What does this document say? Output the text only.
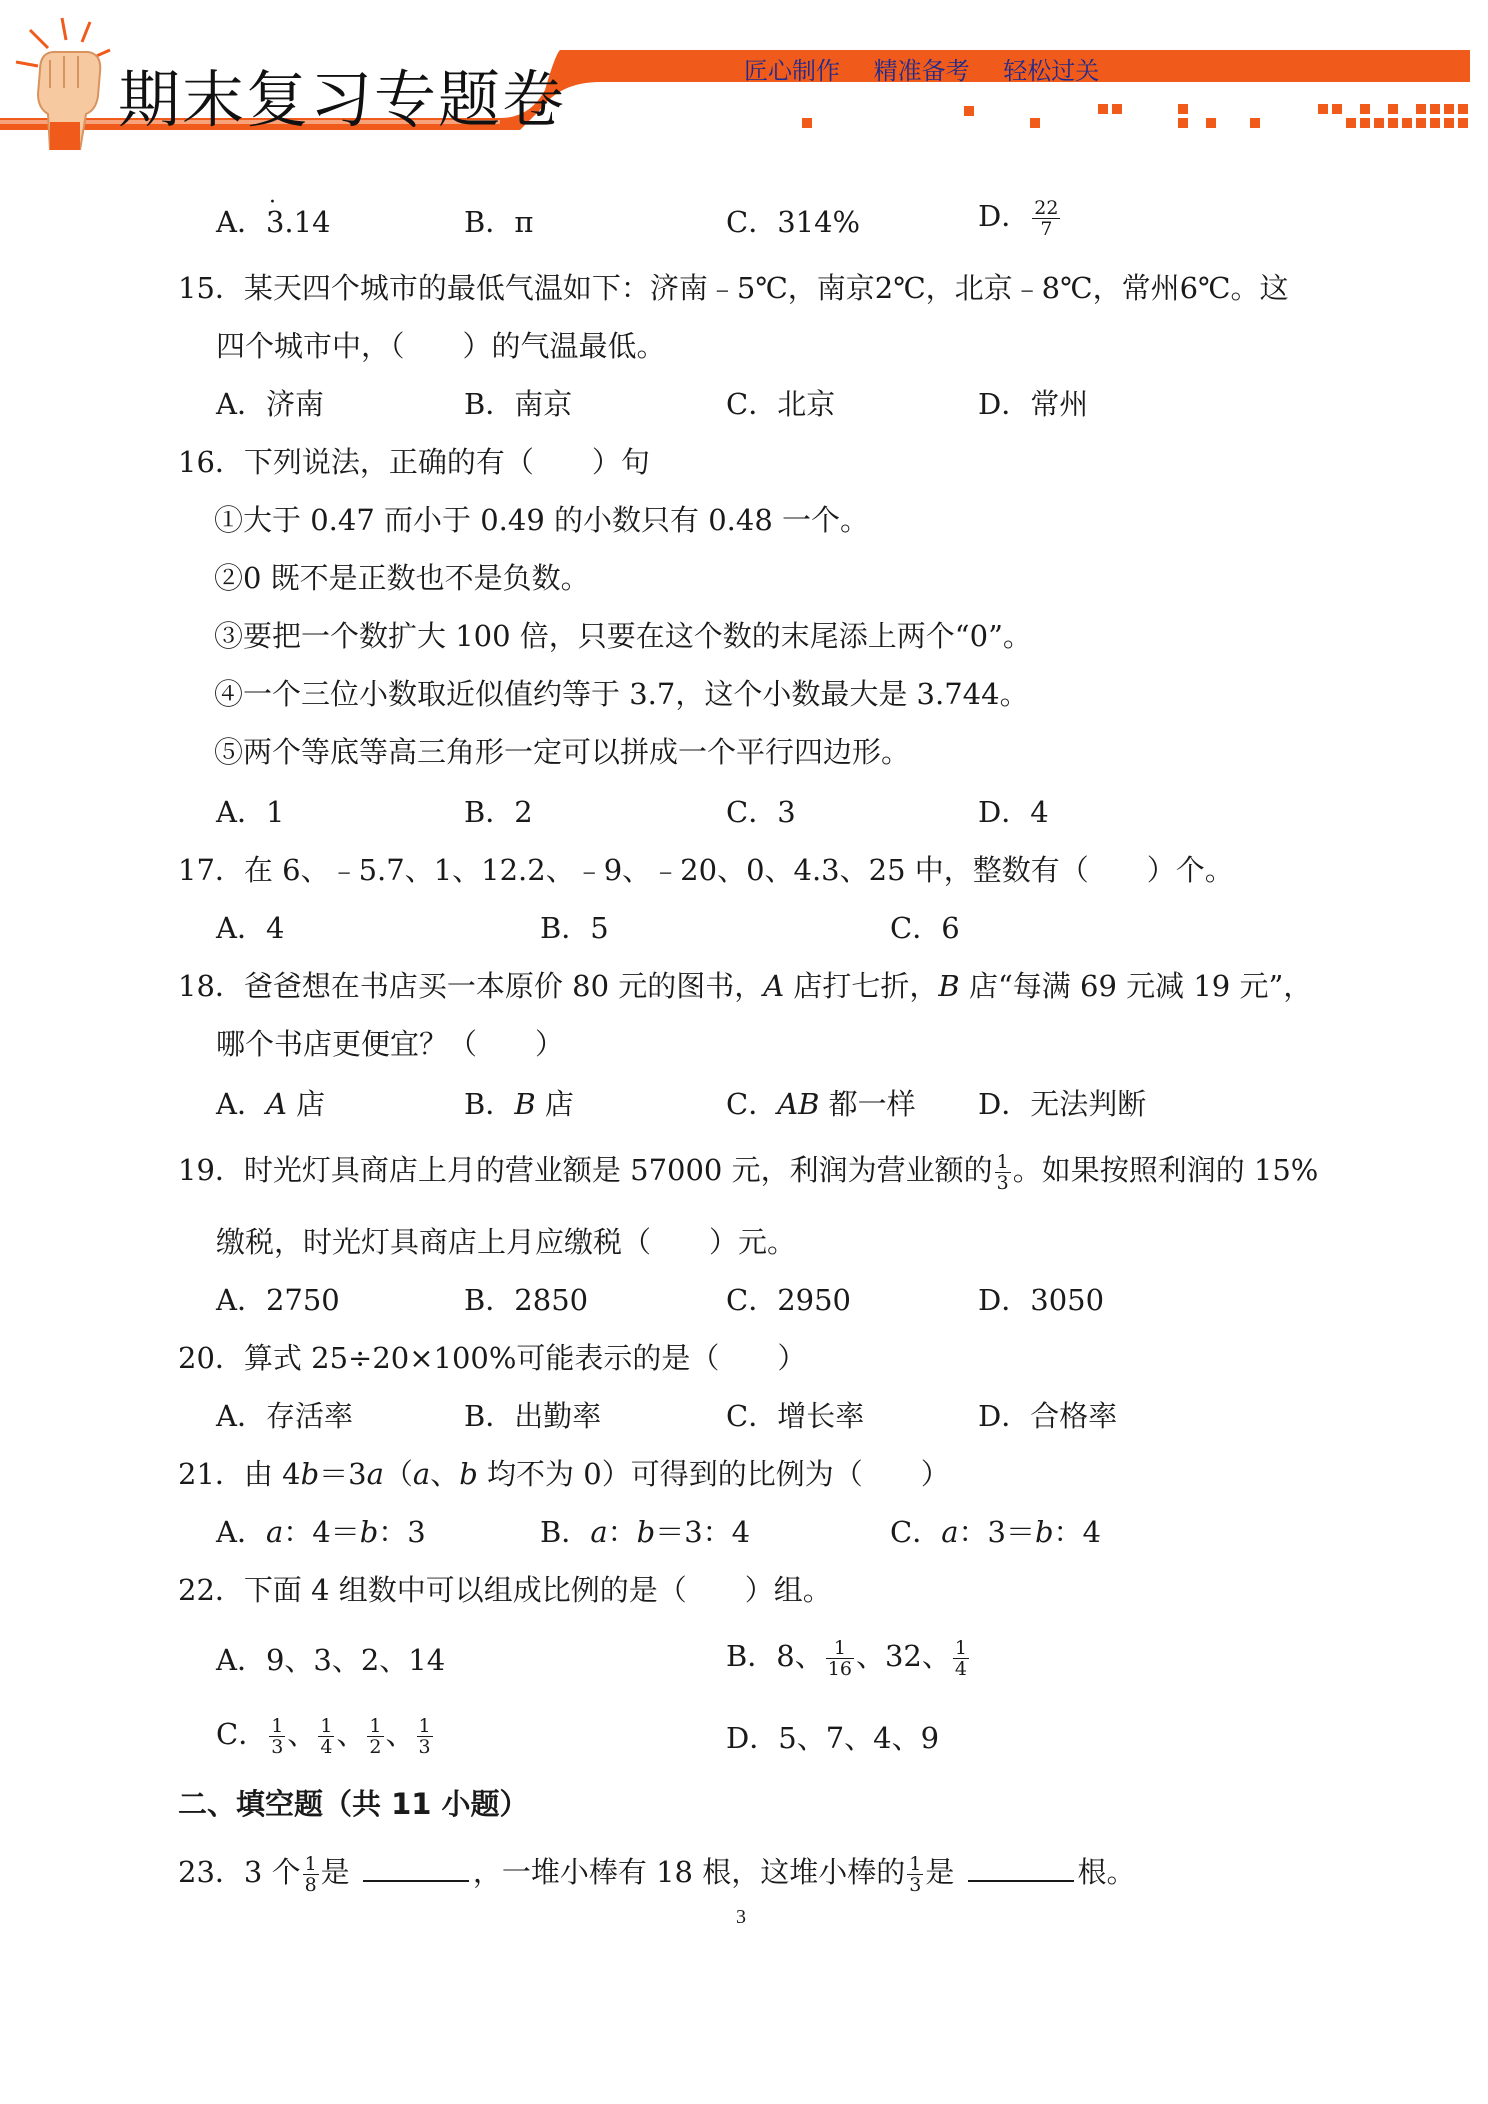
期末复习专题卷	匠心制作 精准备考 轻松过关
A．· 3.14	B．π	C．314%	D． $\frac{22}{7}$
15．某天四个城市的最低气温如下：济南﹣5℃，南京2℃，北京﹣8℃，常州6℃。这
四个城市中，（　　）的气温最低。
A．济南	B．南京	C．北京	D．常州
16．下列说法，正确的有（　　）句
①大于 0.47 而小于 0.49 的小数只有 0.48 一个。
②0 既不是正数也不是负数。
③要把一个数扩大 100 倍，只要在这个数的末尾添上两个“0”。
④一个三位小数取近似值约等于 3.7，这个小数最大是 3.744。
⑤两个等底等高三角形一定可以拼成一个平行四边形。
A．1	B．2	C．3	D．4
17．在 6、﹣5.7、1、12.2、﹣9、﹣20、0、4.3、25 中，整数有（　　）个。
A．4	B．5	C．6
18．爸爸想在书店买一本原价 80 元的图书，A 店打七折，B 店“每满 69 元减 19 元”，
哪个书店更便宜？（　　）
A．A 店	B．B 店	C．AB 都一样 D．无法判断
19．时光灯具商店上月的营业额是 57000 元，利润为营业额的 $\frac{1}{3}$ 。如果按照利润的 15%
缴税，时光灯具商店上月应缴税（　　）元。
A．2750	B．2850	C．2950	D．3050
20．算式 25÷20×100%可能表示的是（　　）
A．存活率	B．出勤率	C．增长率	D．合格率
21．由 4b＝3a（a、b 均不为 0）可得到的比例为（　　）
A．a：4＝b：3	B．a：b＝3：4	C．a：3＝b：4
22．下面 4 组数中可以组成比例的是（　　）组。
A．9、3、2、14	B．8、 $\frac{1}{16}$ 、32、 $\frac{1}{4}$
C． $\frac{1}{3}$ 、 $\frac{1}{4}$ 、 $\frac{1}{2}$ 、 $\frac{1}{3}$	D．5、7、4、9
二、填空题（共 11 小题）
23．3 个 $\frac{1}{8}$ 是	，一堆小棒有 18 根，这堆小棒的 $\frac{1}{3}$ 是	根。
3
